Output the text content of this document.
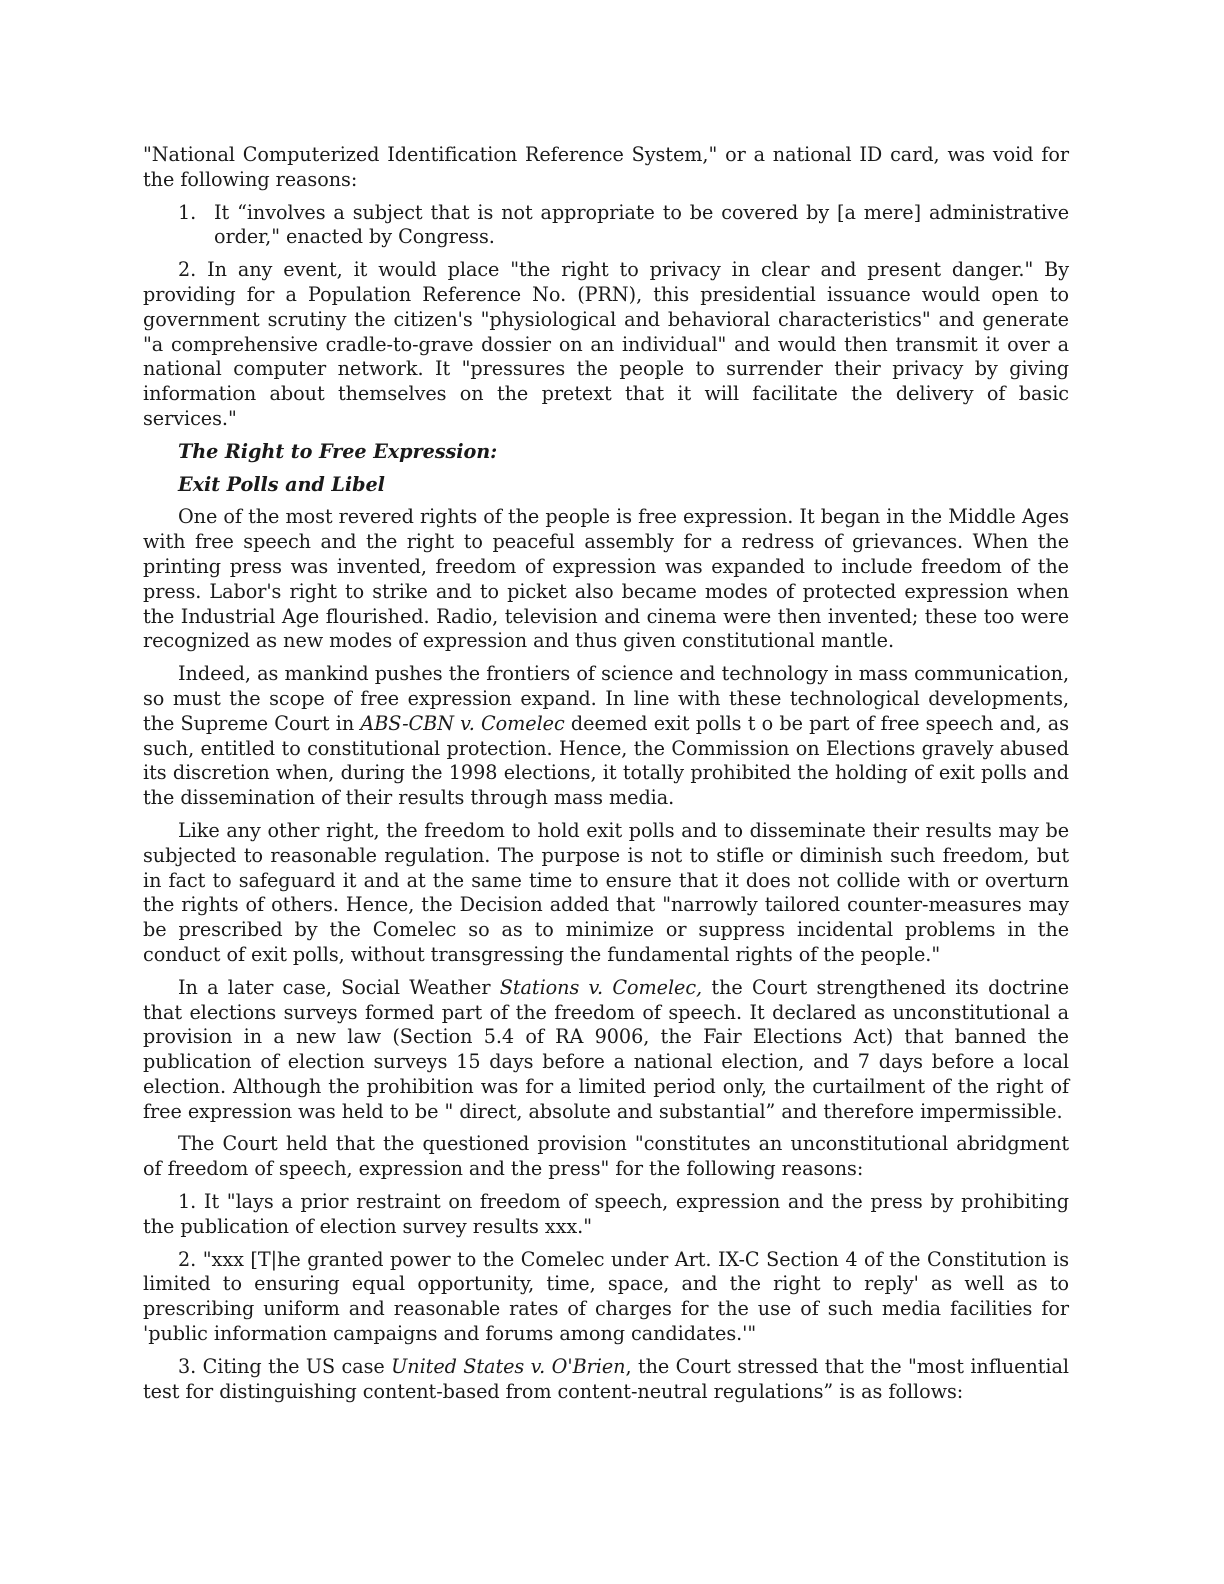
"National Computerized Identification Reference System," or a national ID card, was void for the following reasons:

1. It “involves a subject that is not appropriate to be covered by [a mere] administrative order," enacted by Congress.

2. In any event, it would place "the right to privacy in clear and present danger." By providing for a Population Reference No. (PRN), this presidential issuance would open to government scrutiny the citizen's "physiological and behavioral characteristics" and generate "a comprehensive cradle-to-grave dossier on an individual" and would then transmit it over a national computer network. It "pressures the people to surrender their privacy by giving information about themselves on the pretext that it will facilitate the delivery of basic services."

The Right to Free Expression:
Exit Polls and Libel

One of the most revered rights of the people is free expression. It began in the Middle Ages with free speech and the right to peaceful assembly for a redress of grievances. When the printing press was invented, freedom of expression was expanded to include freedom of the press. Labor's right to strike and to picket also became modes of protected expression when the Industrial Age flourished. Radio, television and cinema were then invented; these too were recognized as new modes of expression and thus given constitutional mantle.

Indeed, as mankind pushes the frontiers of science and technology in mass communication, so must the scope of free expression expand. In line with these technological developments, the Supreme Court in ABS-CBN v. Comelec deemed exit polls t o be part of free speech and, as such, entitled to constitutional protection. Hence, the Commission on Elections gravely abused its discretion when, during the 1998 elections, it totally prohibited the holding of exit polls and the dissemination of their results through mass media.

Like any other right, the freedom to hold exit polls and to disseminate their results may be subjected to reasonable regulation. The purpose is not to stifle or diminish such freedom, but in fact to safeguard it and at the same time to ensure that it does not collide with or overturn the rights of others. Hence, the Decision added that "narrowly tailored counter-measures may be prescribed by the Comelec so as to minimize or suppress incidental problems in the conduct of exit polls, without transgressing the fundamental rights of the people."

In a later case, Social Weather Stations v. Comelec, the Court strengthened its doctrine that elections surveys formed part of the freedom of speech. It declared as unconstitutional a provision in a new law (Section 5.4 of RA 9006, the Fair Elections Act) that banned the publication of election surveys 15 days before a national election, and 7 days before a local election. Although the prohibition was for a limited period only, the curtailment of the right of free expression was held to be " direct, absolute and substantial” and therefore impermissible.

The Court held that the questioned provision "constitutes an unconstitutional abridgment of freedom of speech, expression and the press" for the following reasons:

1. It "lays a prior restraint on freedom of speech, expression and the press by prohibiting the publication of election survey results xxx."

2. "xxx [T|he granted power to the Comelec under Art. IX-C Section 4 of the Constitution is limited to ensuring equal opportunity, time, space, and the right to reply' as well as to prescribing uniform and reasonable rates of charges for the use of such media facilities for 'public information campaigns and forums among candidates.'"

3. Citing the US case United States v. O'Brien, the Court stressed that the "most influential test for distinguishing content-based from content-neutral regulations” is as follows:
